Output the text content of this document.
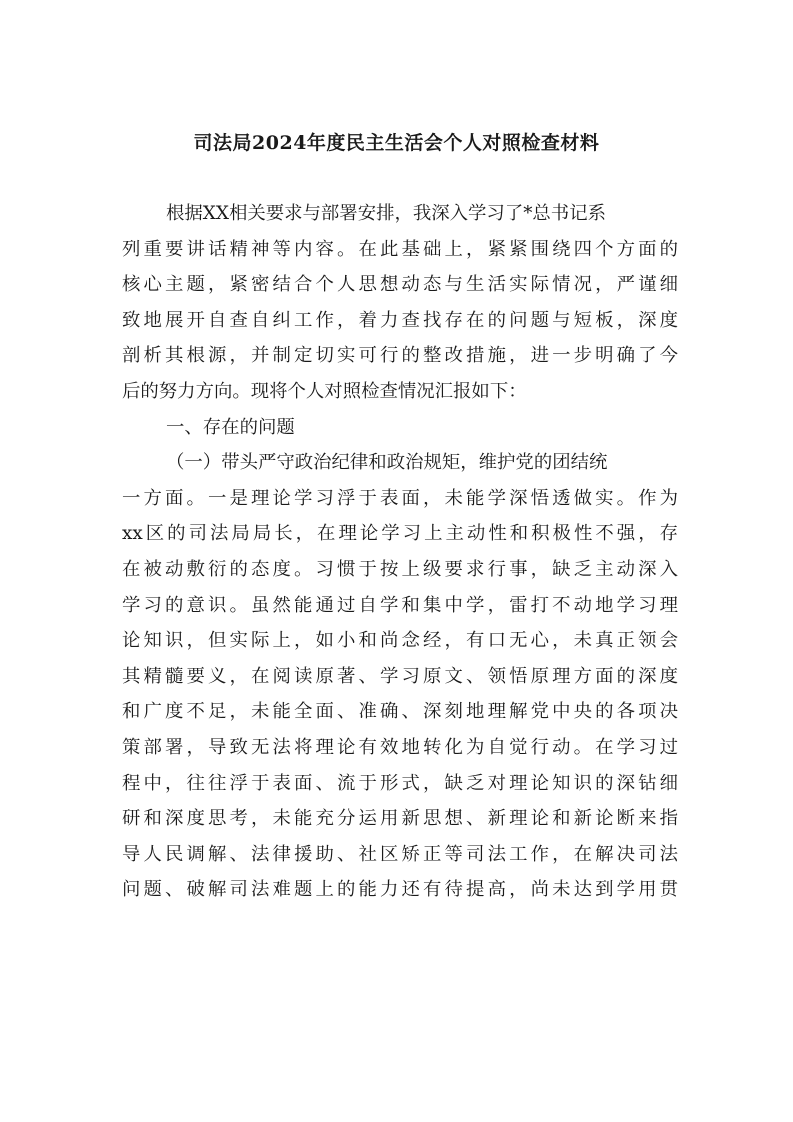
司法局2024年度民主生活会个人对照检查材料
根据XX相关要求与部署安排，我深入学习了*总书记系
列重要讲话精神等内容。在此基础上，紧紧围绕四个方面的
核心主题，紧密结合个人思想动态与生活实际情况，严谨细
致地展开自查自纠工作，着力查找存在的问题与短板，深度
剖析其根源，并制定切实可行的整改措施，进一步明确了今
后的努力方向。现将个人对照检查情况汇报如下：
一、存在的问题
（一）带头严守政治纪律和政治规矩，维护党的团结统
一方面。一是理论学习浮于表面，未能学深悟透做实。作为
xx区的司法局局长，在理论学习上主动性和积极性不强，存
在被动敷衍的态度。习惯于按上级要求行事，缺乏主动深入
学习的意识。虽然能通过自学和集中学，雷打不动地学习理
论知识，但实际上，如小和尚念经，有口无心，未真正领会
其精髓要义，在阅读原著、学习原文、领悟原理方面的深度
和广度不足，未能全面、准确、深刻地理解党中央的各项决
策部署，导致无法将理论有效地转化为自觉行动。在学习过
程中，往往浮于表面、流于形式，缺乏对理论知识的深钻细
研和深度思考，未能充分运用新思想、新理论和新论断来指
导人民调解、法律援助、社区矫正等司法工作，在解决司法
问题、破解司法难题上的能力还有待提高，尚未达到学用贯
